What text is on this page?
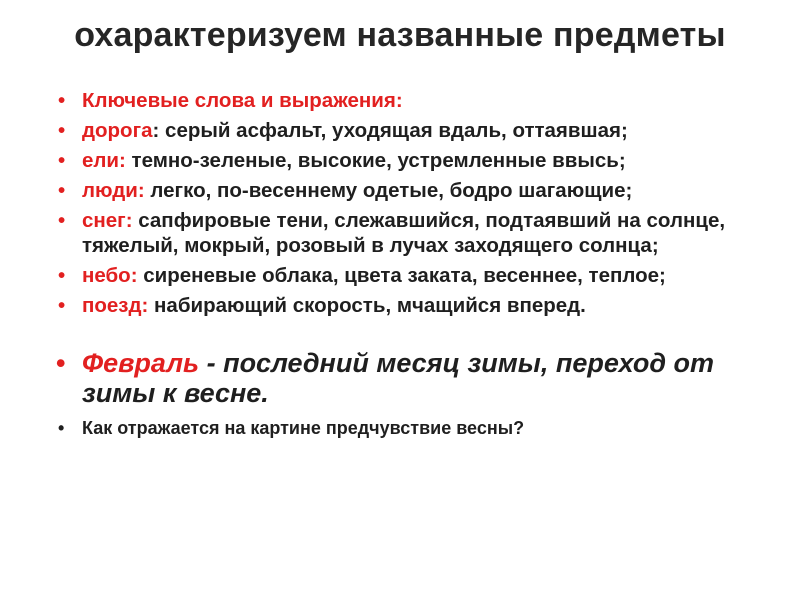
охарактеризуем названные предметы
• Ключевые слова и выражения:
• дорога: серый асфальт, уходящая вдаль, оттаявшая;
• ели: темно-зеленые, высокие, устремленные ввысь;
• люди: легко, по-весеннему одетые, бодро шагающие;
• снег: сапфировые тени, слежавшийся, подтаявший на солнце, тяжелый, мокрый, розовый в лучах заходящего солнца;
• небо: сиреневые облака, цвета заката, весеннее, теплое;
• поезд: набирающий скорость, мчащийся вперед.
• Февраль - последний месяц зимы, переход от зимы к весне.
• Как отражается на картине предчувствие весны?
